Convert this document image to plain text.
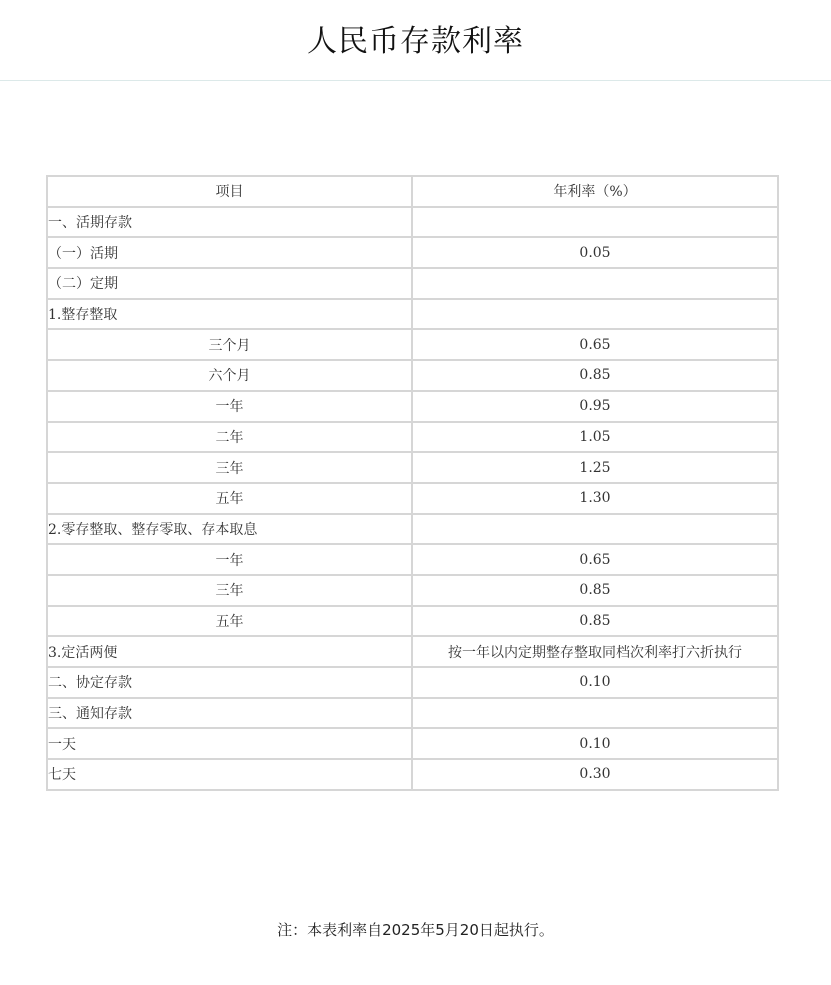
人民币存款利率
项目	年利率（%）
一、活期存款	
（一）活期	0.05
（二）定期	
1.整存整取	
三个月	0.65
六个月	0.85
一年	0.95
二年	1.05
三年	1.25
五年	1.30
2.零存整取、整存零取、存本取息	
一年	0.65
三年	0.85
五年	0.85
3.定活两便	按一年以内定期整存整取同档次利率打六折执行
二、协定存款	0.10
三、通知存款	
一天	0.10
七天	0.30
注：本表利率自2025年5月20日起执行。
